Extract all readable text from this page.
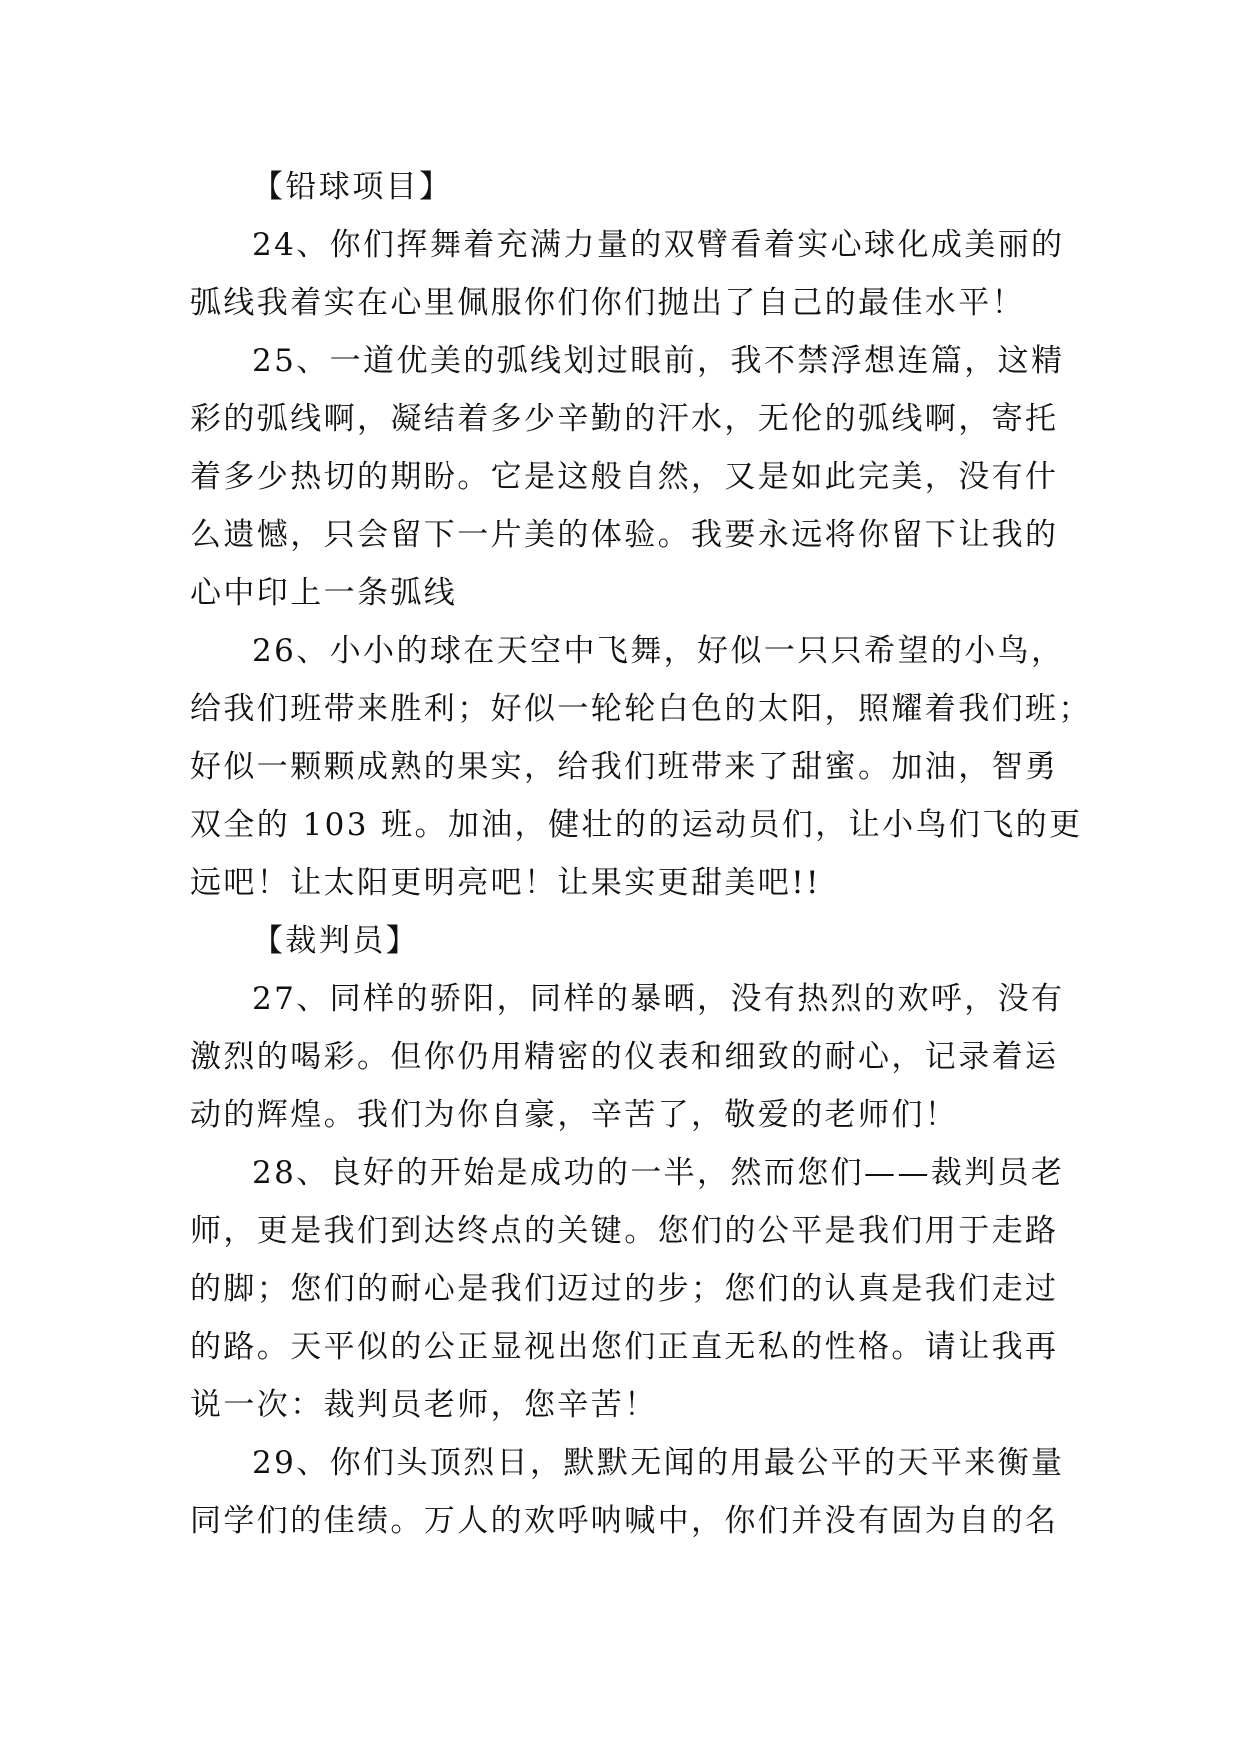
【铅球项目】
24、你们挥舞着充满力量的双臂看着实心球化成美丽的
弧线我着实在心里佩服你们你们抛出了自己的最佳水平！
25、一道优美的弧线划过眼前，我不禁浮想连篇，这精
彩的弧线啊，凝结着多少辛勤的汗水，无伦的弧线啊，寄托
着多少热切的期盼。它是这般自然，又是如此完美，没有什
么遗憾，只会留下一片美的体验。我要永远将你留下让我的
心中印上一条弧线
26、小小的球在天空中飞舞，好似一只只希望的小鸟，
给我们班带来胜利；好似一轮轮白色的太阳，照耀着我们班；
好似一颗颗成熟的果实，给我们班带来了甜蜜。加油，智勇
双全的 103 班。加油，健壮的的运动员们，让小鸟们飞的更
远吧！让太阳更明亮吧！让果实更甜美吧!!
【裁判员】
27、同样的骄阳，同样的暴晒，没有热烈的欢呼，没有
激烈的喝彩。但你仍用精密的仪表和细致的耐心，记录着运
动的辉煌。我们为你自豪，辛苦了，敬爱的老师们！
28、良好的开始是成功的一半，然而您们——裁判员老
师，更是我们到达终点的关键。您们的公平是我们用于走路
的脚；您们的耐心是我们迈过的步；您们的认真是我们走过
的路。天平似的公正显视出您们正直无私的性格。请让我再
说一次：裁判员老师，您辛苦！
29、你们头顶烈日，默默无闻的用最公平的天平来衡量
同学们的佳绩。万人的欢呼呐喊中，你们并没有固为自的名
